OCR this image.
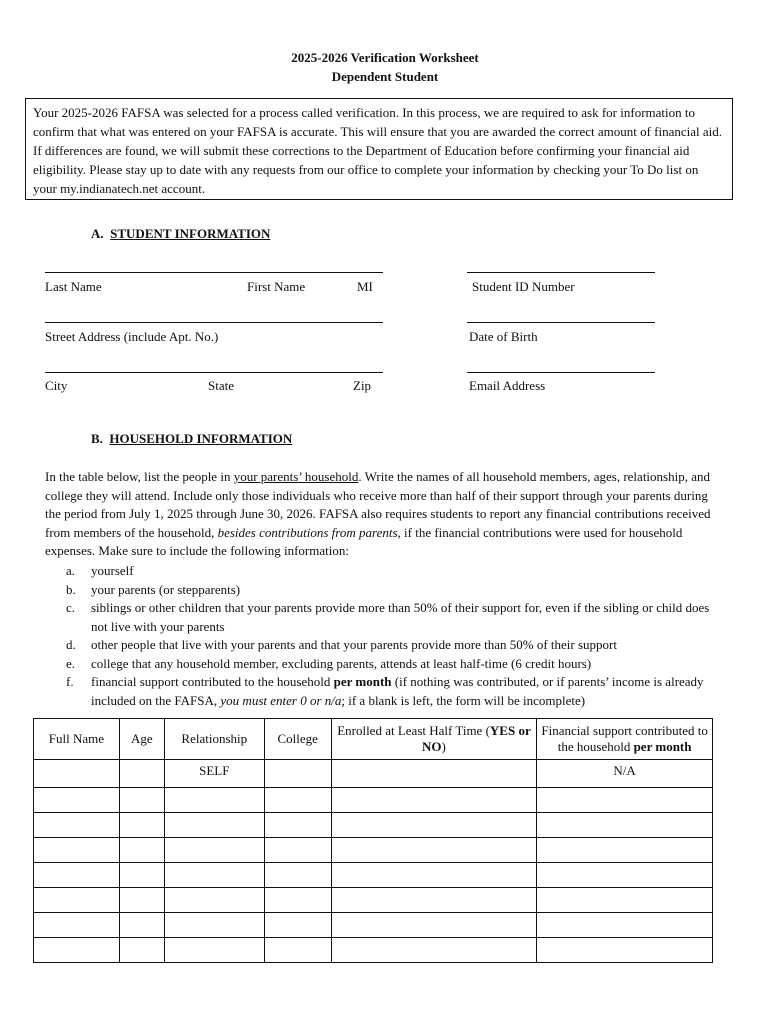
2025-2026 Verification Worksheet
Dependent Student
Your 2025-2026 FAFSA was selected for a process called verification. In this process, we are required to ask for information to confirm that what was entered on your FAFSA is accurate. This will ensure that you are awarded the correct amount of financial aid. If differences are found, we will submit these corrections to the Department of Education before confirming your financial aid eligibility. Please stay up to date with any requests from our office to complete your information by checking your To Do list on your my.indianatech.net account.
A. STUDENT INFORMATION
Last Name	First Name	MI	Student ID Number
Street Address (include Apt. No.)	Date of Birth
City	State	Zip	Email Address
B. HOUSEHOLD INFORMATION
In the table below, list the people in your parents’ household. Write the names of all household members, ages, relationship, and college they will attend. Include only those individuals who receive more than half of their support through your parents during the period from July 1, 2025 through June 30, 2026. FAFSA also requires students to report any financial contributions received from members of the household, besides contributions from parents, if the financial contributions were used for household expenses. Make sure to include the following information:
a. yourself
b. your parents (or stepparents)
c. siblings or other children that your parents provide more than 50% of their support for, even if the sibling or child does not live with your parents
d. other people that live with your parents and that your parents provide more than 50% of their support
e. college that any household member, excluding parents, attends at least half-time (6 credit hours)
f. financial support contributed to the household per month (if nothing was contributed, or if parents’ income is already included on the FAFSA, you must enter 0 or n/a; if a blank is left, the form will be incomplete)
Full Name	Age	Relationship	College	Enrolled at Least Half Time (YES or NO)	Financial support contributed to the household per month
		SELF			N/A
